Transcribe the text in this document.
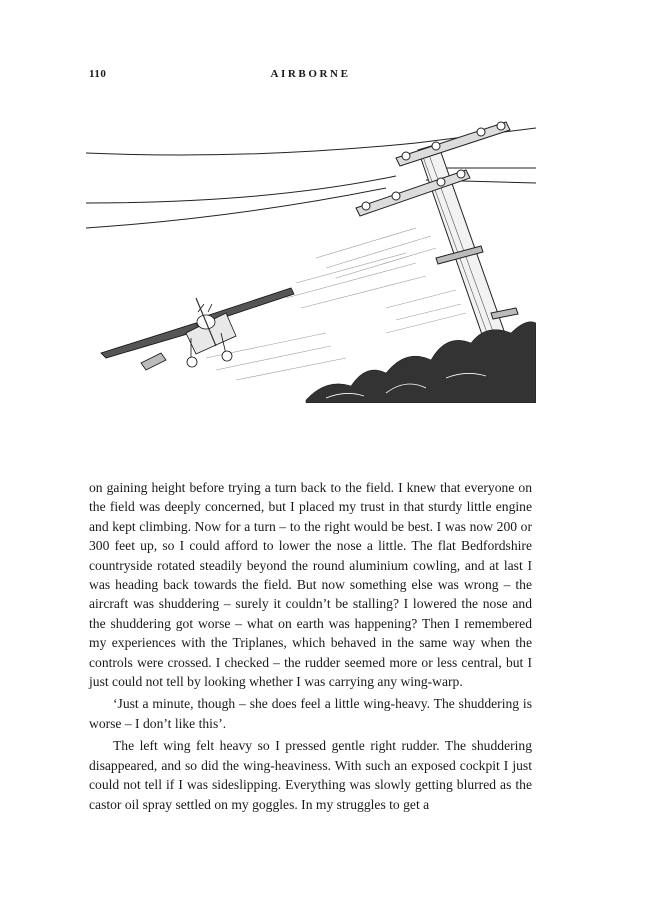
110	AIRBORNE

on gaining height before trying a turn back to the field. I knew that everyone on the field was deeply concerned, but I placed my trust in that sturdy little engine and kept climbing. Now for a turn – to the right would be best. I was now 200 or 300 feet up, so I could afford to lower the nose a little. The flat Bedfordshire countryside rotated steadily beyond the round aluminium cowling, and at last I was heading back towards the field. But now something else was wrong – the aircraft was shuddering – surely it couldn’t be stalling? I lowered the nose and the shuddering got worse – what on earth was happening? Then I remembered my experiences with the Triplanes, which behaved in the same way when the controls were crossed. I checked – the rudder seemed more or less central, but I just could not tell by looking whether I was carrying any wing-warp.

‘Just a minute, though – she does feel a little wing-heavy. The shuddering is worse – I don’t like this’.

The left wing felt heavy so I pressed gentle right rudder. The shuddering disappeared, and so did the wing-heaviness. With such an exposed cockpit I just could not tell if I was sideslipping. Everything was slowly getting blurred as the castor oil spray settled on my goggles. In my struggles to get a
